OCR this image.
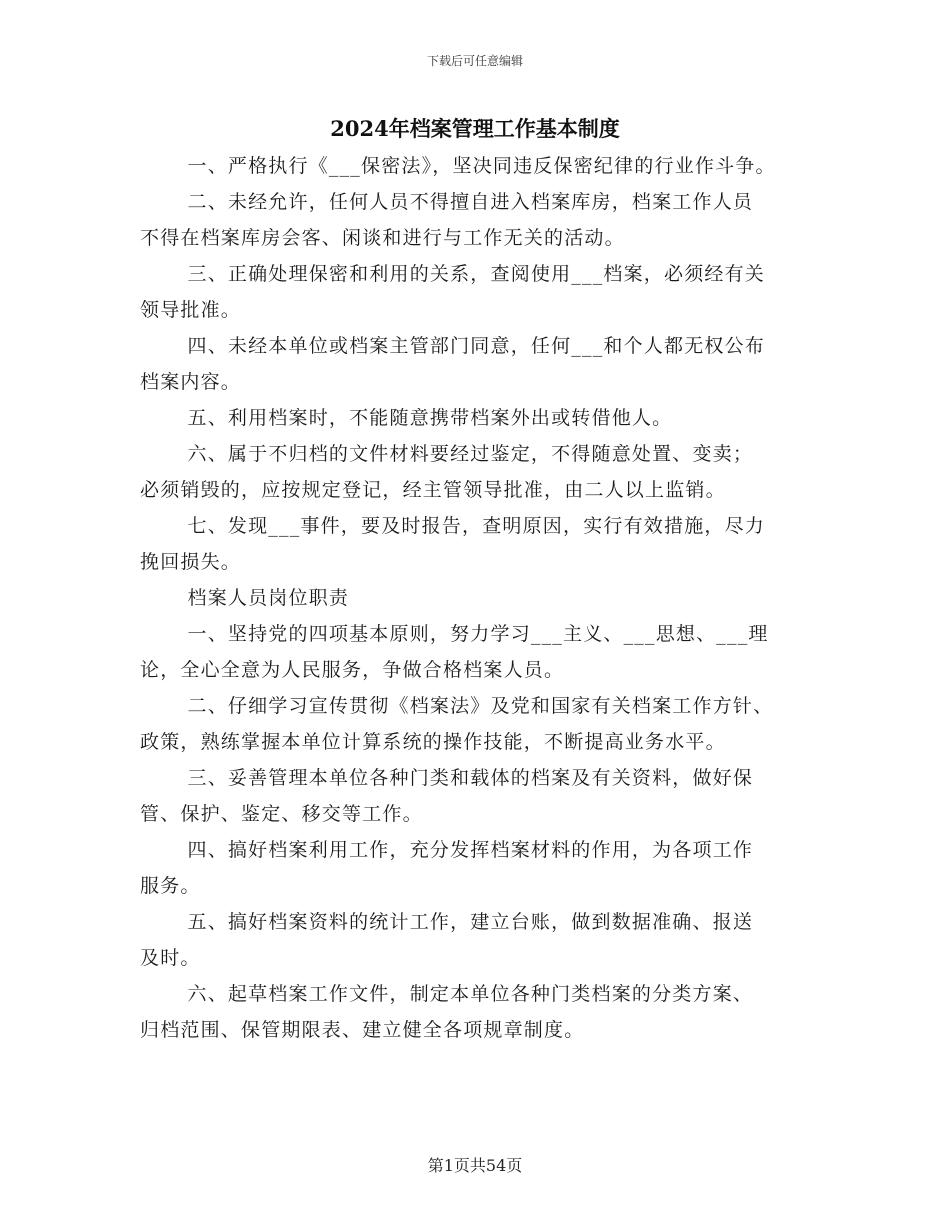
下载后可任意编辑
2024年档案管理工作基本制度

一、严格执行《___保密法》，坚决同违反保密纪律的行业作斗争。

二、未经允许，任何人员不得擅自进入档案库房，档案工作人员
不得在档案库房会客、闲谈和进行与工作无关的活动。

三、正确处理保密和利用的关系，查阅使用___档案，必须经有关
领导批准。

四、未经本单位或档案主管部门同意，任何___和个人都无权公布
档案内容。

五、利用档案时，不能随意携带档案外出或转借他人。

六、属于不归档的文件材料要经过鉴定，不得随意处置、变卖；
必须销毁的，应按规定登记，经主管领导批准，由二人以上监销。

七、发现___事件，要及时报告，查明原因，实行有效措施，尽力
挽回损失。

档案人员岗位职责

一、坚持党的四项基本原则，努力学习___主义、___思想、___理
论，全心全意为人民服务，争做合格档案人员。

二、仔细学习宣传贯彻《档案法》及党和国家有关档案工作方针、
政策，熟练掌握本单位计算系统的操作技能，不断提高业务水平。

三、妥善管理本单位各种门类和载体的档案及有关资料，做好保
管、保护、鉴定、移交等工作。

四、搞好档案利用工作，充分发挥档案材料的作用，为各项工作
服务。

五、搞好档案资料的统计工作，建立台账，做到数据准确、报送
及时。

六、起草档案工作文件，制定本单位各种门类档案的分类方案、
归档范围、保管期限表、建立健全各项规章制度。

第1页共54页
